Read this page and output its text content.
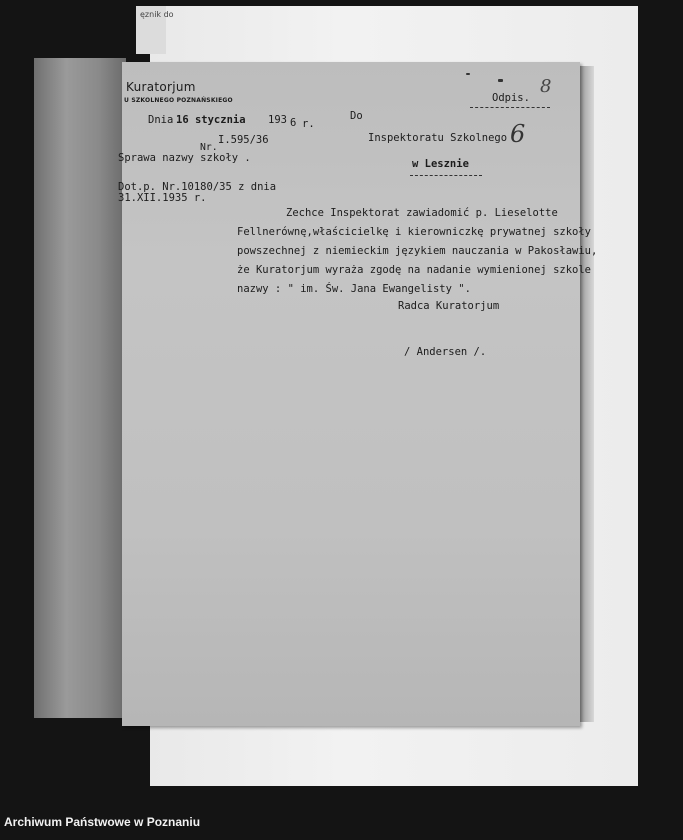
ęznik do
Kuratorjum
U SZKOLNEGO POZNAŃSKIEGO
Dnia 16 stycznia 193 6 r.
Nr.
I.595/36
Sprawa nazwy szkoły .
Dot.p. Nr.10180/35 z dnia
31.XII.1935 r.
Do
Inspektoratu Szkolnego
w Lesznie
Odpis.
8
6
Zechce Inspektorat zawiadomić p. Lieselotte
Fellnerównę,właścicielkę i kierowniczkę prywatnej szkoły
powszechnej z niemieckim językiem nauczania w Pakosławiu,
że Kuratorjum wyraża zgodę na nadanie wymienionej szkole
nazwy : " im. Św. Jana Ewangelisty ".
Radca Kuratorjum
/ Andersen /.
Archiwum Państwowe w Poznaniu
